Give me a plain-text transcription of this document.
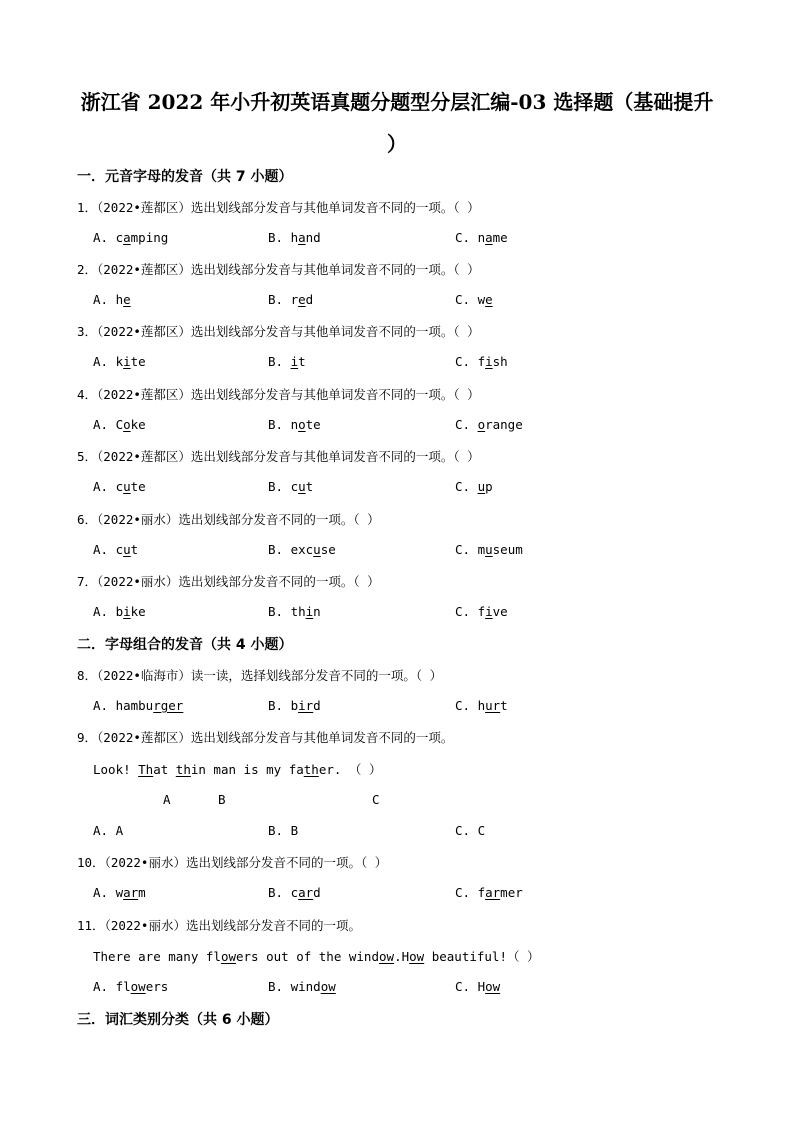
浙江省 2022 年小升初英语真题分题型分层汇编-03 选择题（基础提升
）
一．元音字母的发音（共 7 小题）
二．字母组合的发音（共 4 小题）
三．词汇类别分类（共 6 小题）
1．（2022•莲都区）选出划线部分发音与其他单词发音不同的一项。（ ）
A. camping	B. hand	C. name
2．（2022•莲都区）选出划线部分发音与其他单词发音不同的一项。（ ）
A. he	B. red	C. we
3．（2022•莲都区）选出划线部分发音与其他单词发音不同的一项。（ ）
A. kite	B. it	C. fish
4．（2022•莲都区）选出划线部分发音与其他单词发音不同的一项。（ ）
A. Coke	B. note	C. orange
5．（2022•莲都区）选出划线部分发音与其他单词发音不同的一项。（ ）
A. cute	B. cut	C. up
6．（2022•丽水）选出划线部分发音不同的一项。（ ）
A. cut	B. excuse	C. museum
7．（2022•丽水）选出划线部分发音不同的一项。（ ）
A. bike	B. thin	C. five
8．（2022•临海市）读一读，选择划线部分发音不同的一项。（ ）
A. hamburger	B. bird	C. hurt
9．（2022•莲都区）选出划线部分发音与其他单词发音不同的一项。
Look! That thin man is my father. （ ）
A	B	C
A. A	B. B	C. C
10．（2022•丽水）选出划线部分发音不同的一项。（ ）
A. warm	B. card	C. farmer
11．（2022•丽水）选出划线部分发音不同的一项。
There are many flowers out of the window.How beautiful!（ ）
A. flowers	B. window	C. How
